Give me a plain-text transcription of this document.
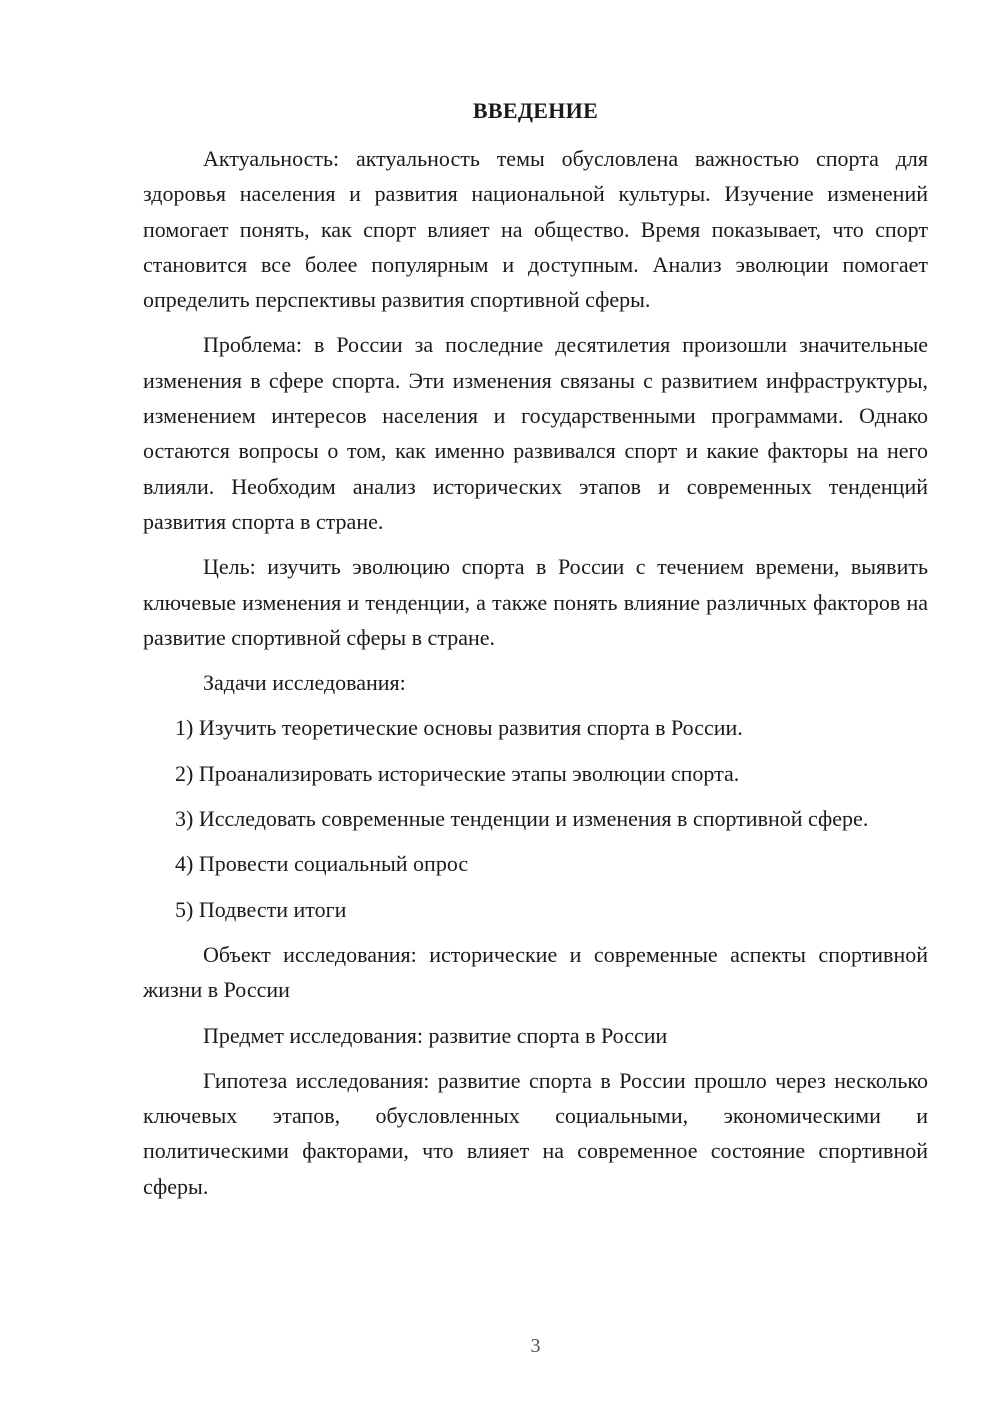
ВВЕДЕНИЕ

Актуальность: актуальность темы обусловлена важностью спорта для здоровья населения и развития национальной культуры. Изучение изменений помогает понять, как спорт влияет на общество. Время показывает, что спорт становится все более популярным и доступным. Анализ эволюции помогает определить перспективы развития спортивной сферы.

Проблема: в России за последние десятилетия произошли значительные изменения в сфере спорта. Эти изменения связаны с развитием инфраструктуры, изменением интересов населения и государственными программами. Однако остаются вопросы о том, как именно развивался спорт и какие факторы на него влияли. Необходим анализ исторических этапов и современных тенденций развития спорта в стране.

Цель: изучить эволюцию спорта в России с течением времени, выявить ключевые изменения и тенденции, а также понять влияние различных факторов на развитие спортивной сферы в стране.

Задачи исследования:

1) Изучить теоретические основы развития спорта в России.

2) Проанализировать исторические этапы эволюции спорта.

3) Исследовать современные тенденции и изменения в спортивной сфере.

4) Провести социальный опрос

5) Подвести итоги

Объект исследования: исторические и современные аспекты спортивной жизни в России

Предмет исследования: развитие спорта в России

Гипотеза исследования: развитие спорта в России прошло через несколько ключевых этапов, обусловленных социальными, экономическими и политическими факторами, что влияет на современное состояние спортивной сферы.

3
